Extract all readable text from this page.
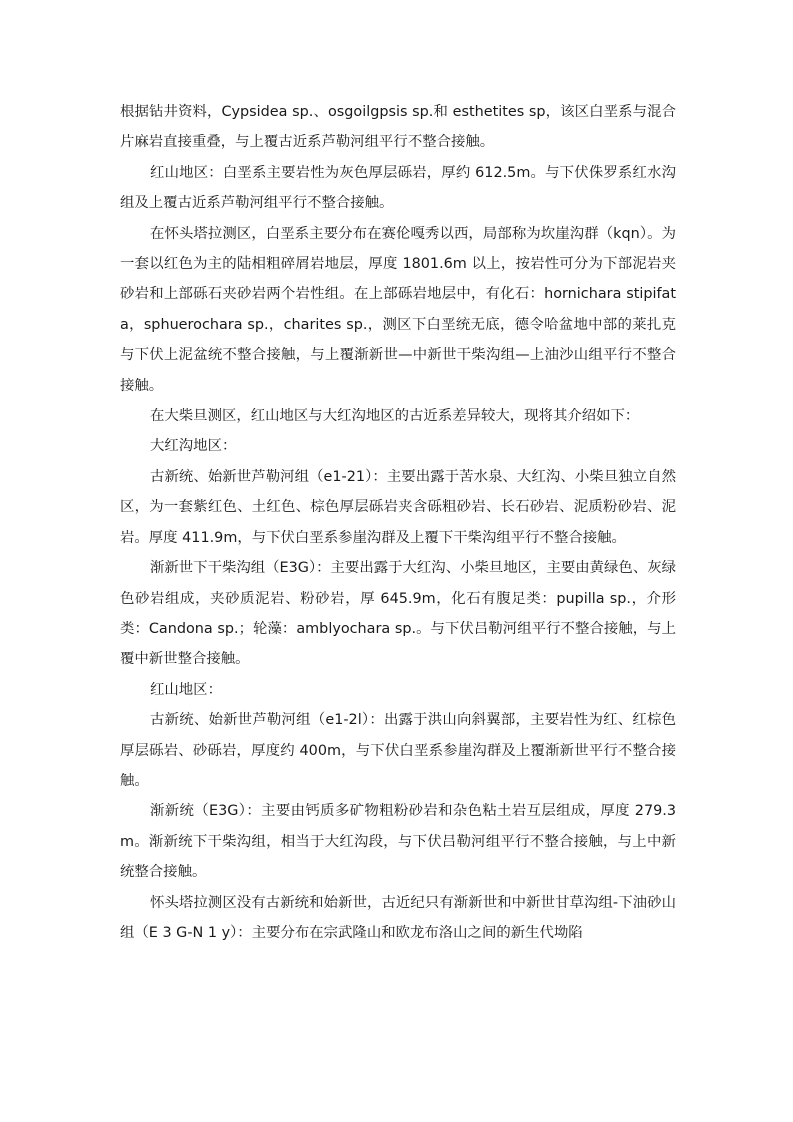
根据钻井资料，Cypsidea sp.、osgoilgpsis sp.和 esthetites sp，该区白垩系与混合片麻岩直接重叠，与上覆古近系芦勒河组平行不整合接触。

红山地区：白垩系主要岩性为灰色厚层砾岩，厚约 612.5m。与下伏侏罗系红水沟组及上覆古近系芦勒河组平行不整合接触。

在怀头塔拉测区，白垩系主要分布在赛伦嘎秀以西，局部称为坎崖沟群（kqn）。为一套以红色为主的陆相粗碎屑岩地层，厚度 1801.6m 以上，按岩性可分为下部泥岩夹砂岩和上部砾石夹砂岩两个岩性组。在上部砾岩地层中，有化石：hornichara stipifata，sphuerochara sp.，charites sp.，测区下白垩统无底，德令哈盆地中部的莱扎克与下伏上泥盆统不整合接触，与上覆渐新世—中新世干柴沟组—上油沙山组平行不整合接触。

在大柴旦测区，红山地区与大红沟地区的古近系差异较大，现将其介绍如下：

大红沟地区：

古新统、始新世芦勒河组（e1-21）：主要出露于苦水泉、大红沟、小柴旦独立自然区，为一套紫红色、土红色、棕色厚层砾岩夹含砾粗砂岩、长石砂岩、泥质粉砂岩、泥岩。厚度 411.9m，与下伏白垩系参崖沟群及上覆下干柴沟组平行不整合接触。

渐新世下干柴沟组（E3G）：主要出露于大红沟、小柴旦地区，主要由黄绿色、灰绿色砂岩组成，夹砂质泥岩、粉砂岩，厚 645.9m，化石有腹足类：pupilla sp.，介形类：Candona sp.；轮藻：amblyochara sp.。与下伏吕勒河组平行不整合接触，与上覆中新世整合接触。

红山地区：

古新统、始新世芦勒河组（e1-2l）：出露于洪山向斜翼部，主要岩性为红、红棕色厚层砾岩、砂砾岩，厚度约 400m，与下伏白垩系参崖沟群及上覆渐新世平行不整合接触。

渐新统（E3G）：主要由钙质多矿物粗粉砂岩和杂色粘土岩互层组成，厚度 279.3m。渐新统下干柴沟组，相当于大红沟段，与下伏吕勒河组平行不整合接触，与上中新统整合接触。

怀头塔拉测区没有古新统和始新世，古近纪只有渐新世和中新世甘草沟组-下油砂山组（E 3 G-N 1 y）：主要分布在宗武隆山和欧龙布洛山之间的新生代坳陷
